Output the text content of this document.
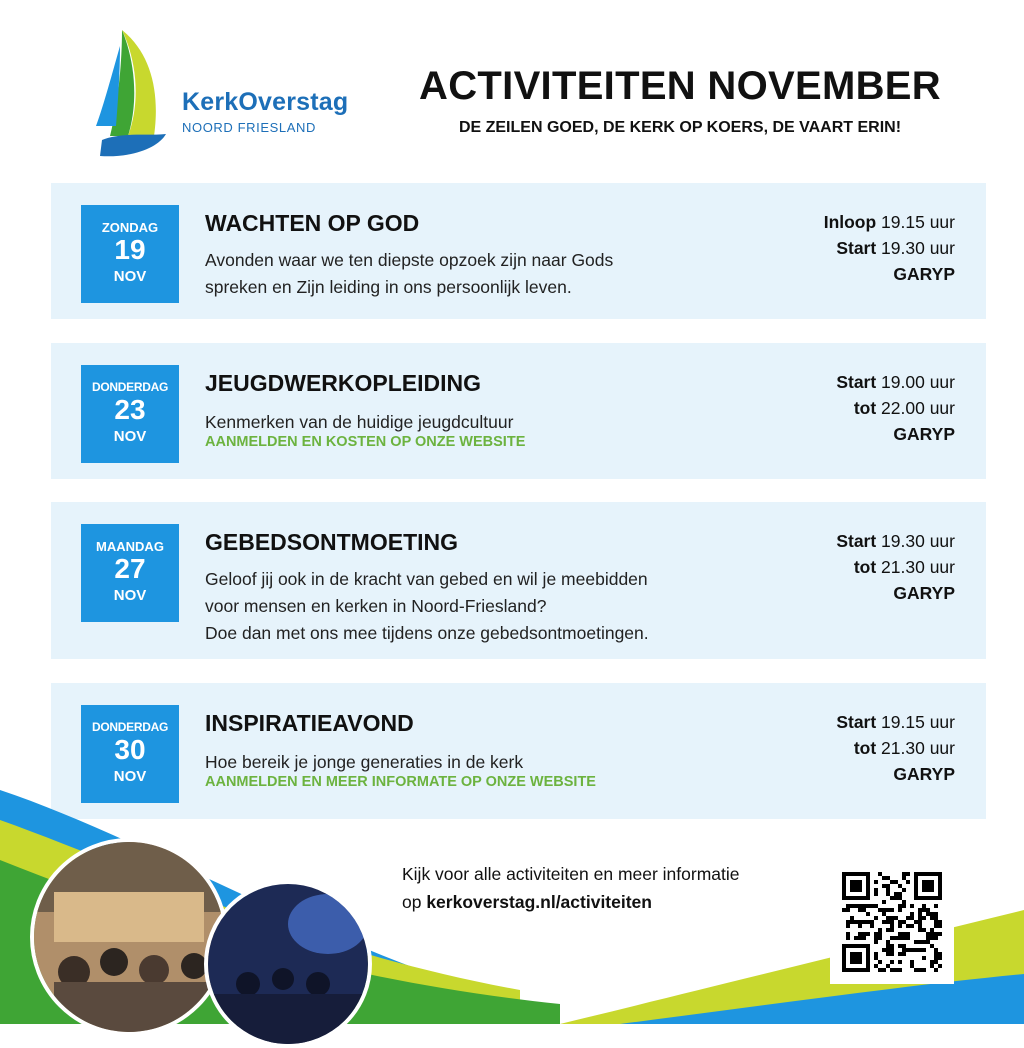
KerkOverstag
NOORD FRIESLAND
ACTIVITEITEN NOVEMBER
DE ZEILEN GOED, DE KERK OP KOERS, DE VAART ERIN!
ZONDAG
19
NOV
WACHTEN OP GOD
Avonden waar we ten diepste opzoek zijn naar Gods
spreken en Zijn leiding in ons persoonlijk leven.
Inloop 19.15 uur
Start 19.30 uur
GARYP
DONDERDAG
23
NOV
JEUGDWERKOPLEIDING
Kenmerken van de huidige jeugdcultuur
AANMELDEN EN KOSTEN OP ONZE WEBSITE
Start 19.00 uur
tot 22.00 uur
GARYP
MAANDAG
27
NOV
GEBEDSONTMOETING
Geloof jij ook in de kracht van gebed en wil je meebidden
voor mensen en kerken in Noord-Friesland?
Doe dan met ons mee tijdens onze gebedsontmoetingen.
Start 19.30 uur
tot 21.30 uur
GARYP
DONDERDAG
30
NOV
INSPIRATIEAVOND
Hoe bereik je jonge generaties in de kerk
AANMELDEN EN MEER INFORMATE OP ONZE WEBSITE
Start 19.15 uur
tot 21.30 uur
GARYP
Kijk voor alle activiteiten en meer informatie
op kerkoverstag.nl/activiteiten
